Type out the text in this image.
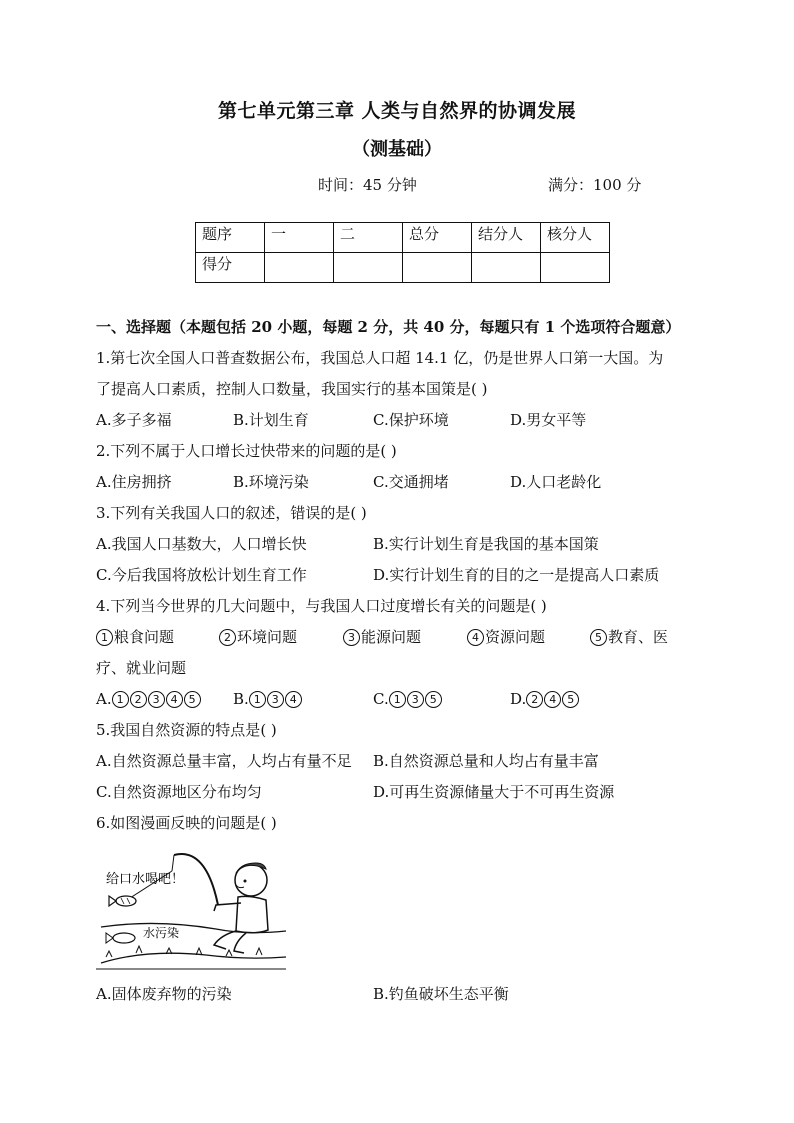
第七单元第三章 人类与自然界的协调发展
（测基础）
时间：45 分钟	满分：100 分
题序	一	二	总分	结分人	核分人
得分					
一、选择题（本题包括 20 小题，每题 2 分，共 40 分，每题只有 1 个选项符合题意）
1.第七次全国人口普查数据公布，我国总人口超 14.1 亿，仍是世界人口第一大国。为
了提高人口素质，控制人口数量，我国实行的基本国策是( )
A.多子多福	B.计划生育	C.保护环境	D.男女平等
2.下列不属于人口增长过快带来的问题的是( )
A.住房拥挤	B.环境污染	C.交通拥堵	D.人口老龄化
3.下列有关我国人口的叙述，错误的是( )
A.我国人口基数大，人口增长快	B.实行计划生育是我国的基本国策
C.今后我国将放松计划生育工作	D.实行计划生育的目的之一是提高人口素质
4.下列当今世界的几大问题中，与我国人口过度增长有关的问题是( )
1 粮食问题	2 环境问题	3 能源问题	4 资源问题	5 教育、医
疗、就业问题
A. 1 2 3 4 5	B. 1 3 4	C. 1 3 5	D. 2 4 5
5.我国自然资源的特点是( )
A.自然资源总量丰富，人均占有量不足 B.自然资源总量和人均占有量丰富
C.自然资源地区分布均匀	D.可再生资源储量大于不可再生资源
6.如图漫画反映的问题是( )
给口水喝吧！
水污染
A.固体废弃物的污染	B.钓鱼破坏生态平衡
